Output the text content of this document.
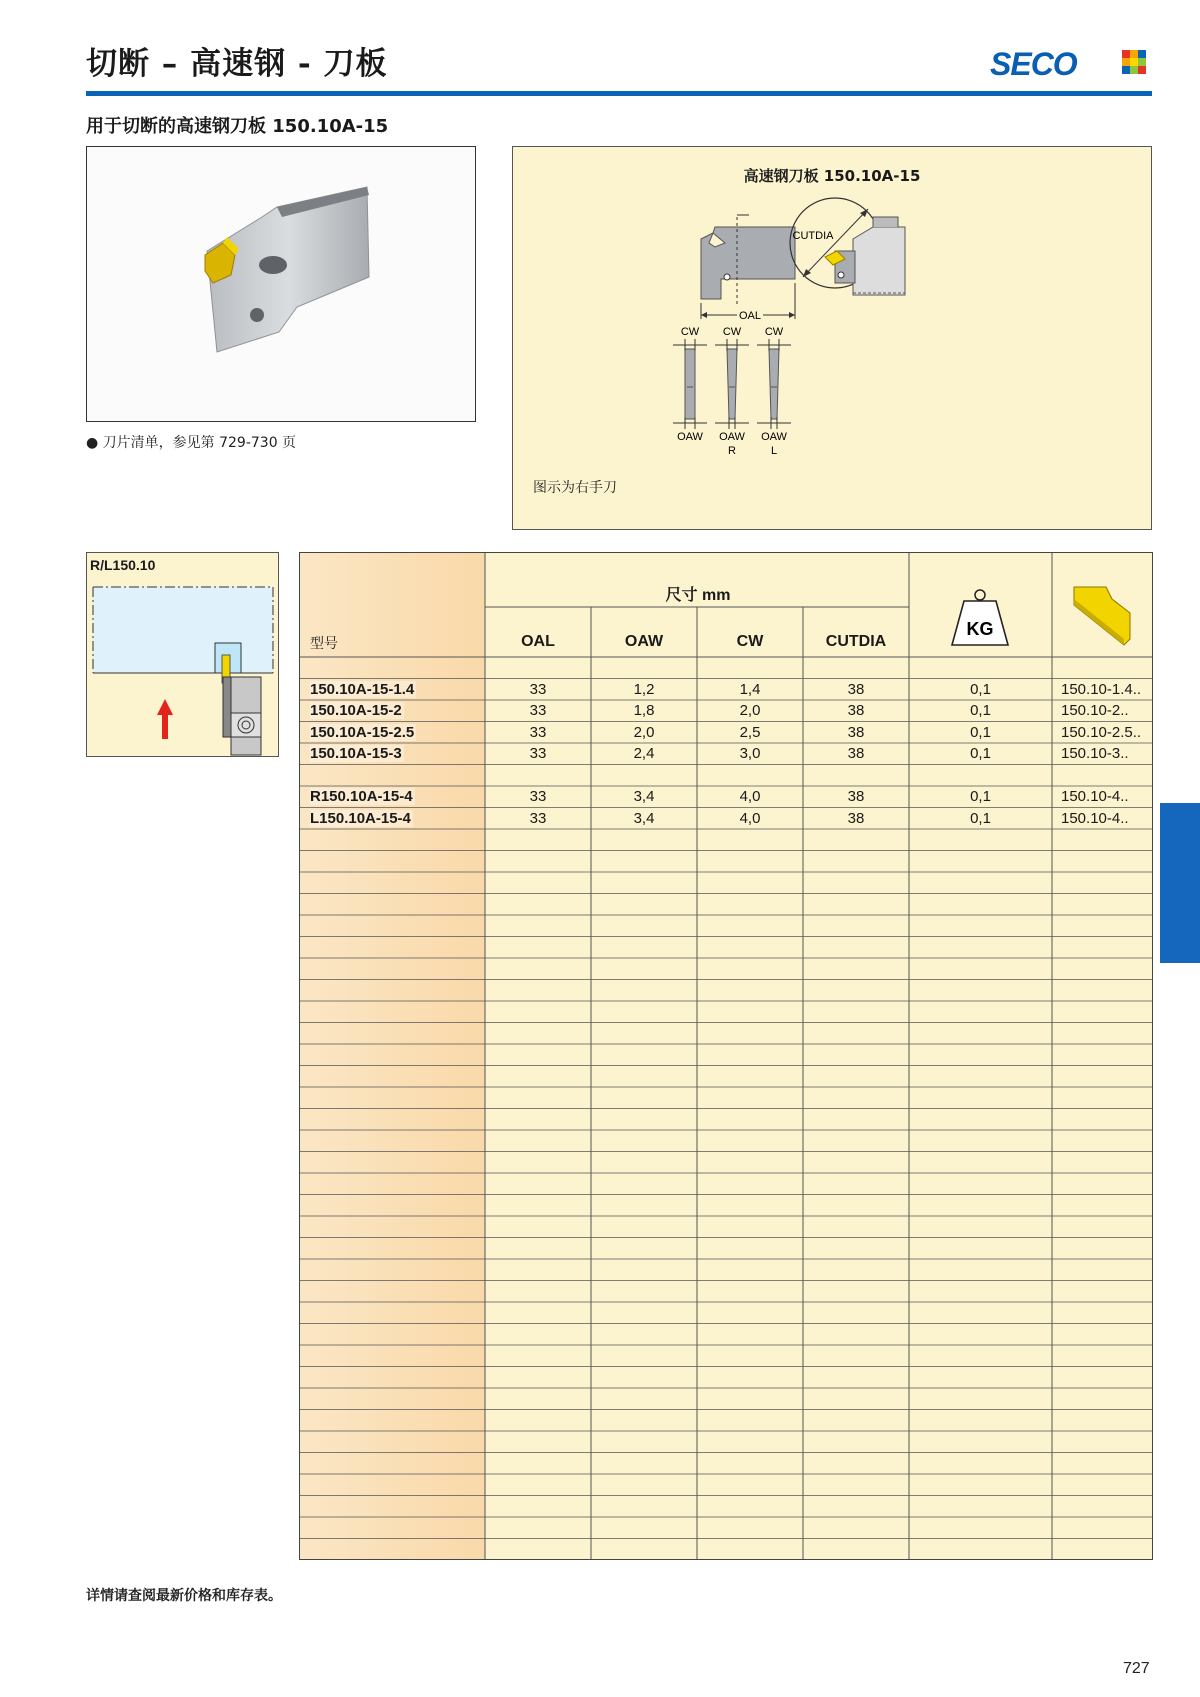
切断 – 高速钢 - 刀板	SECO
用于切断的高速钢刀板 150.10A-15
● 刀片清单，参见第 729-730 页
高速钢刀板 150.10A-15
OAL
CUTDIA
CW CW CW
OAW OAW OAW
R	L
图示为右手刀
R/L150.10
尺寸 mm
型号	OAL	OAW	CW	CUTDIA
KG
150.10A-15-1.4	33	1,2	1,4	38	0,1	150.10-1.4..
150.10A-15-2	33	1,8	2,0	38	0,1	150.10-2..
150.10A-15-2.5	33	2,0	2,5	38	0,1	150.10-2.5..
150.10A-15-3	33	2,4	3,0	38	0,1	150.10-3..
R150.10A-15-4	33	3,4	4,0	38	0,1	150.10-4..
L150.10A-15-4	33	3,4	4,0	38	0,1	150.10-4..
详情请查阅最新价格和库存表。
727
